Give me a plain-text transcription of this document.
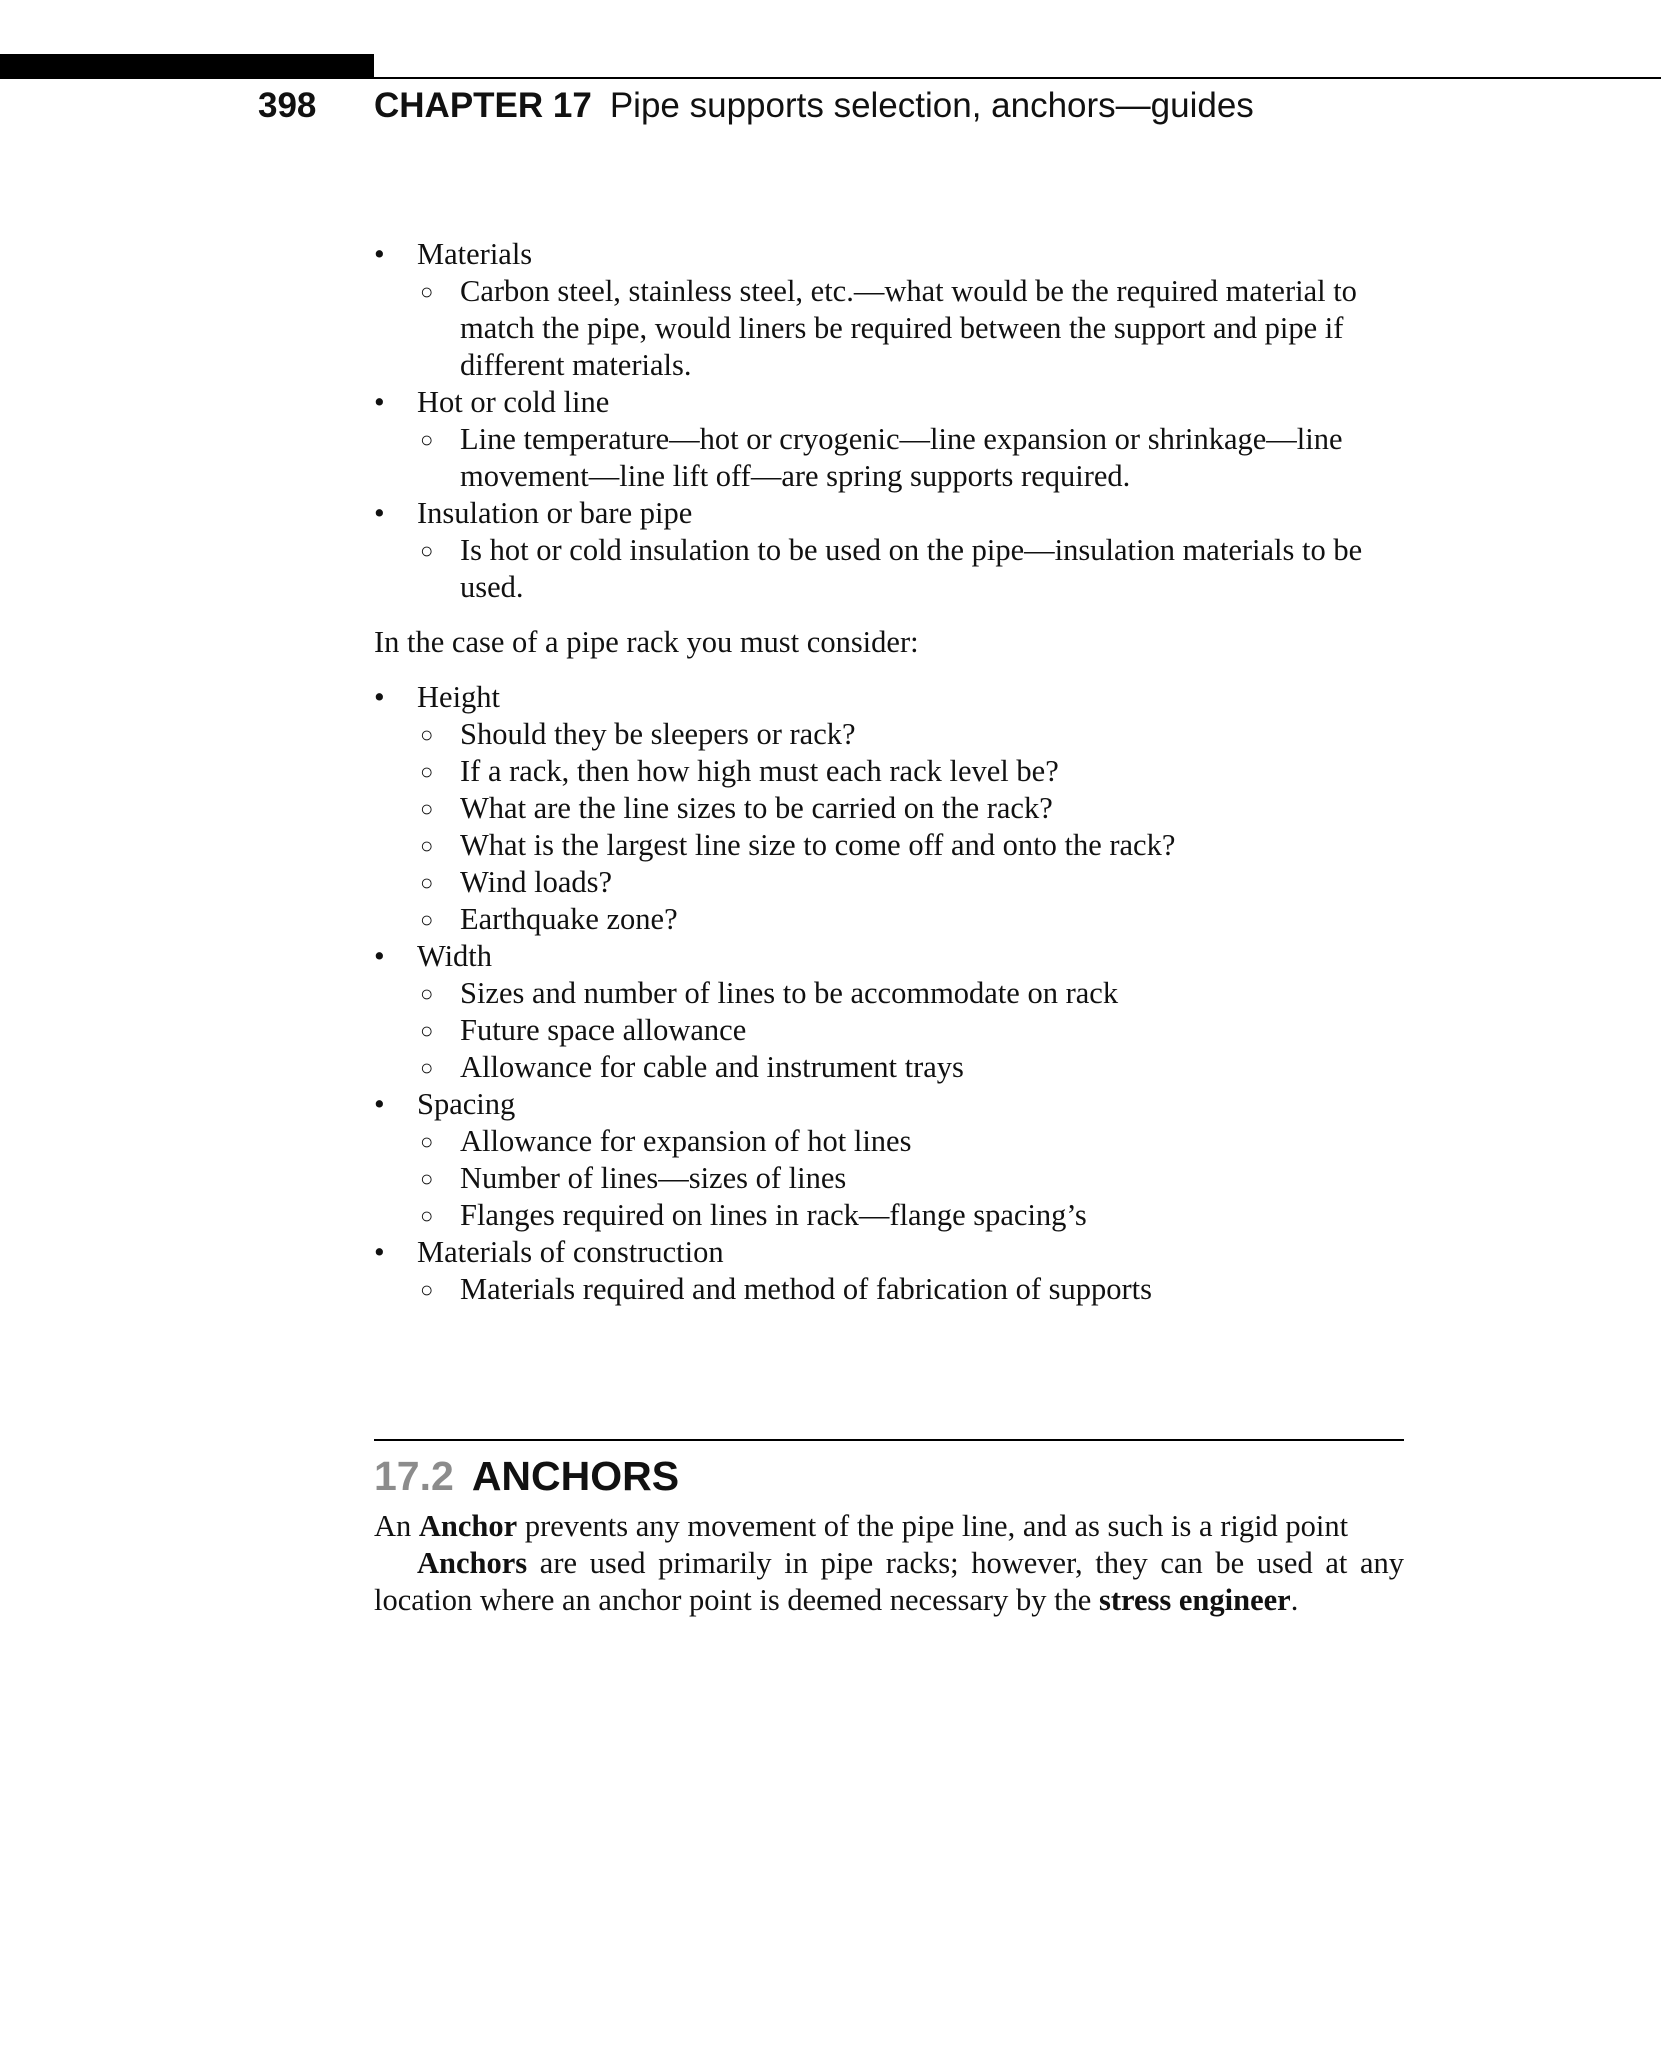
398	CHAPTER 17 Pipe supports selection, anchors—guides
•	Materials
○ Carbon steel, stainless steel, etc.—what would be the required material to match the pipe, would liners be required between the support and pipe if different materials.
•	Hot or cold line
○ Line temperature—hot or cryogenic—line expansion or shrinkage—line movement—line lift off—are spring supports required.
•	Insulation or bare pipe
○ Is hot or cold insulation to be used on the pipe—insulation materials to be used.

In the case of a pipe rack you must consider:

•	Height
○ Should they be sleepers or rack?
○ If a rack, then how high must each rack level be?
○ What are the line sizes to be carried on the rack?
○ What is the largest line size to come off and onto the rack?
○ Wind loads?
○ Earthquake zone?
•	Width
○ Sizes and number of lines to be accommodate on rack
○ Future space allowance
○ Allowance for cable and instrument trays
•	Spacing
○ Allowance for expansion of hot lines
○ Number of lines—sizes of lines
○ Flanges required on lines in rack—flange spacing’s
•	Materials of construction
○ Materials required and method of fabrication of supports
17.2 ANCHORS

An Anchor prevents any movement of the pipe line, and as such is a rigid point

Anchors are used primarily in pipe racks; however, they can be used at any location where an anchor point is deemed necessary by the stress engineer.
